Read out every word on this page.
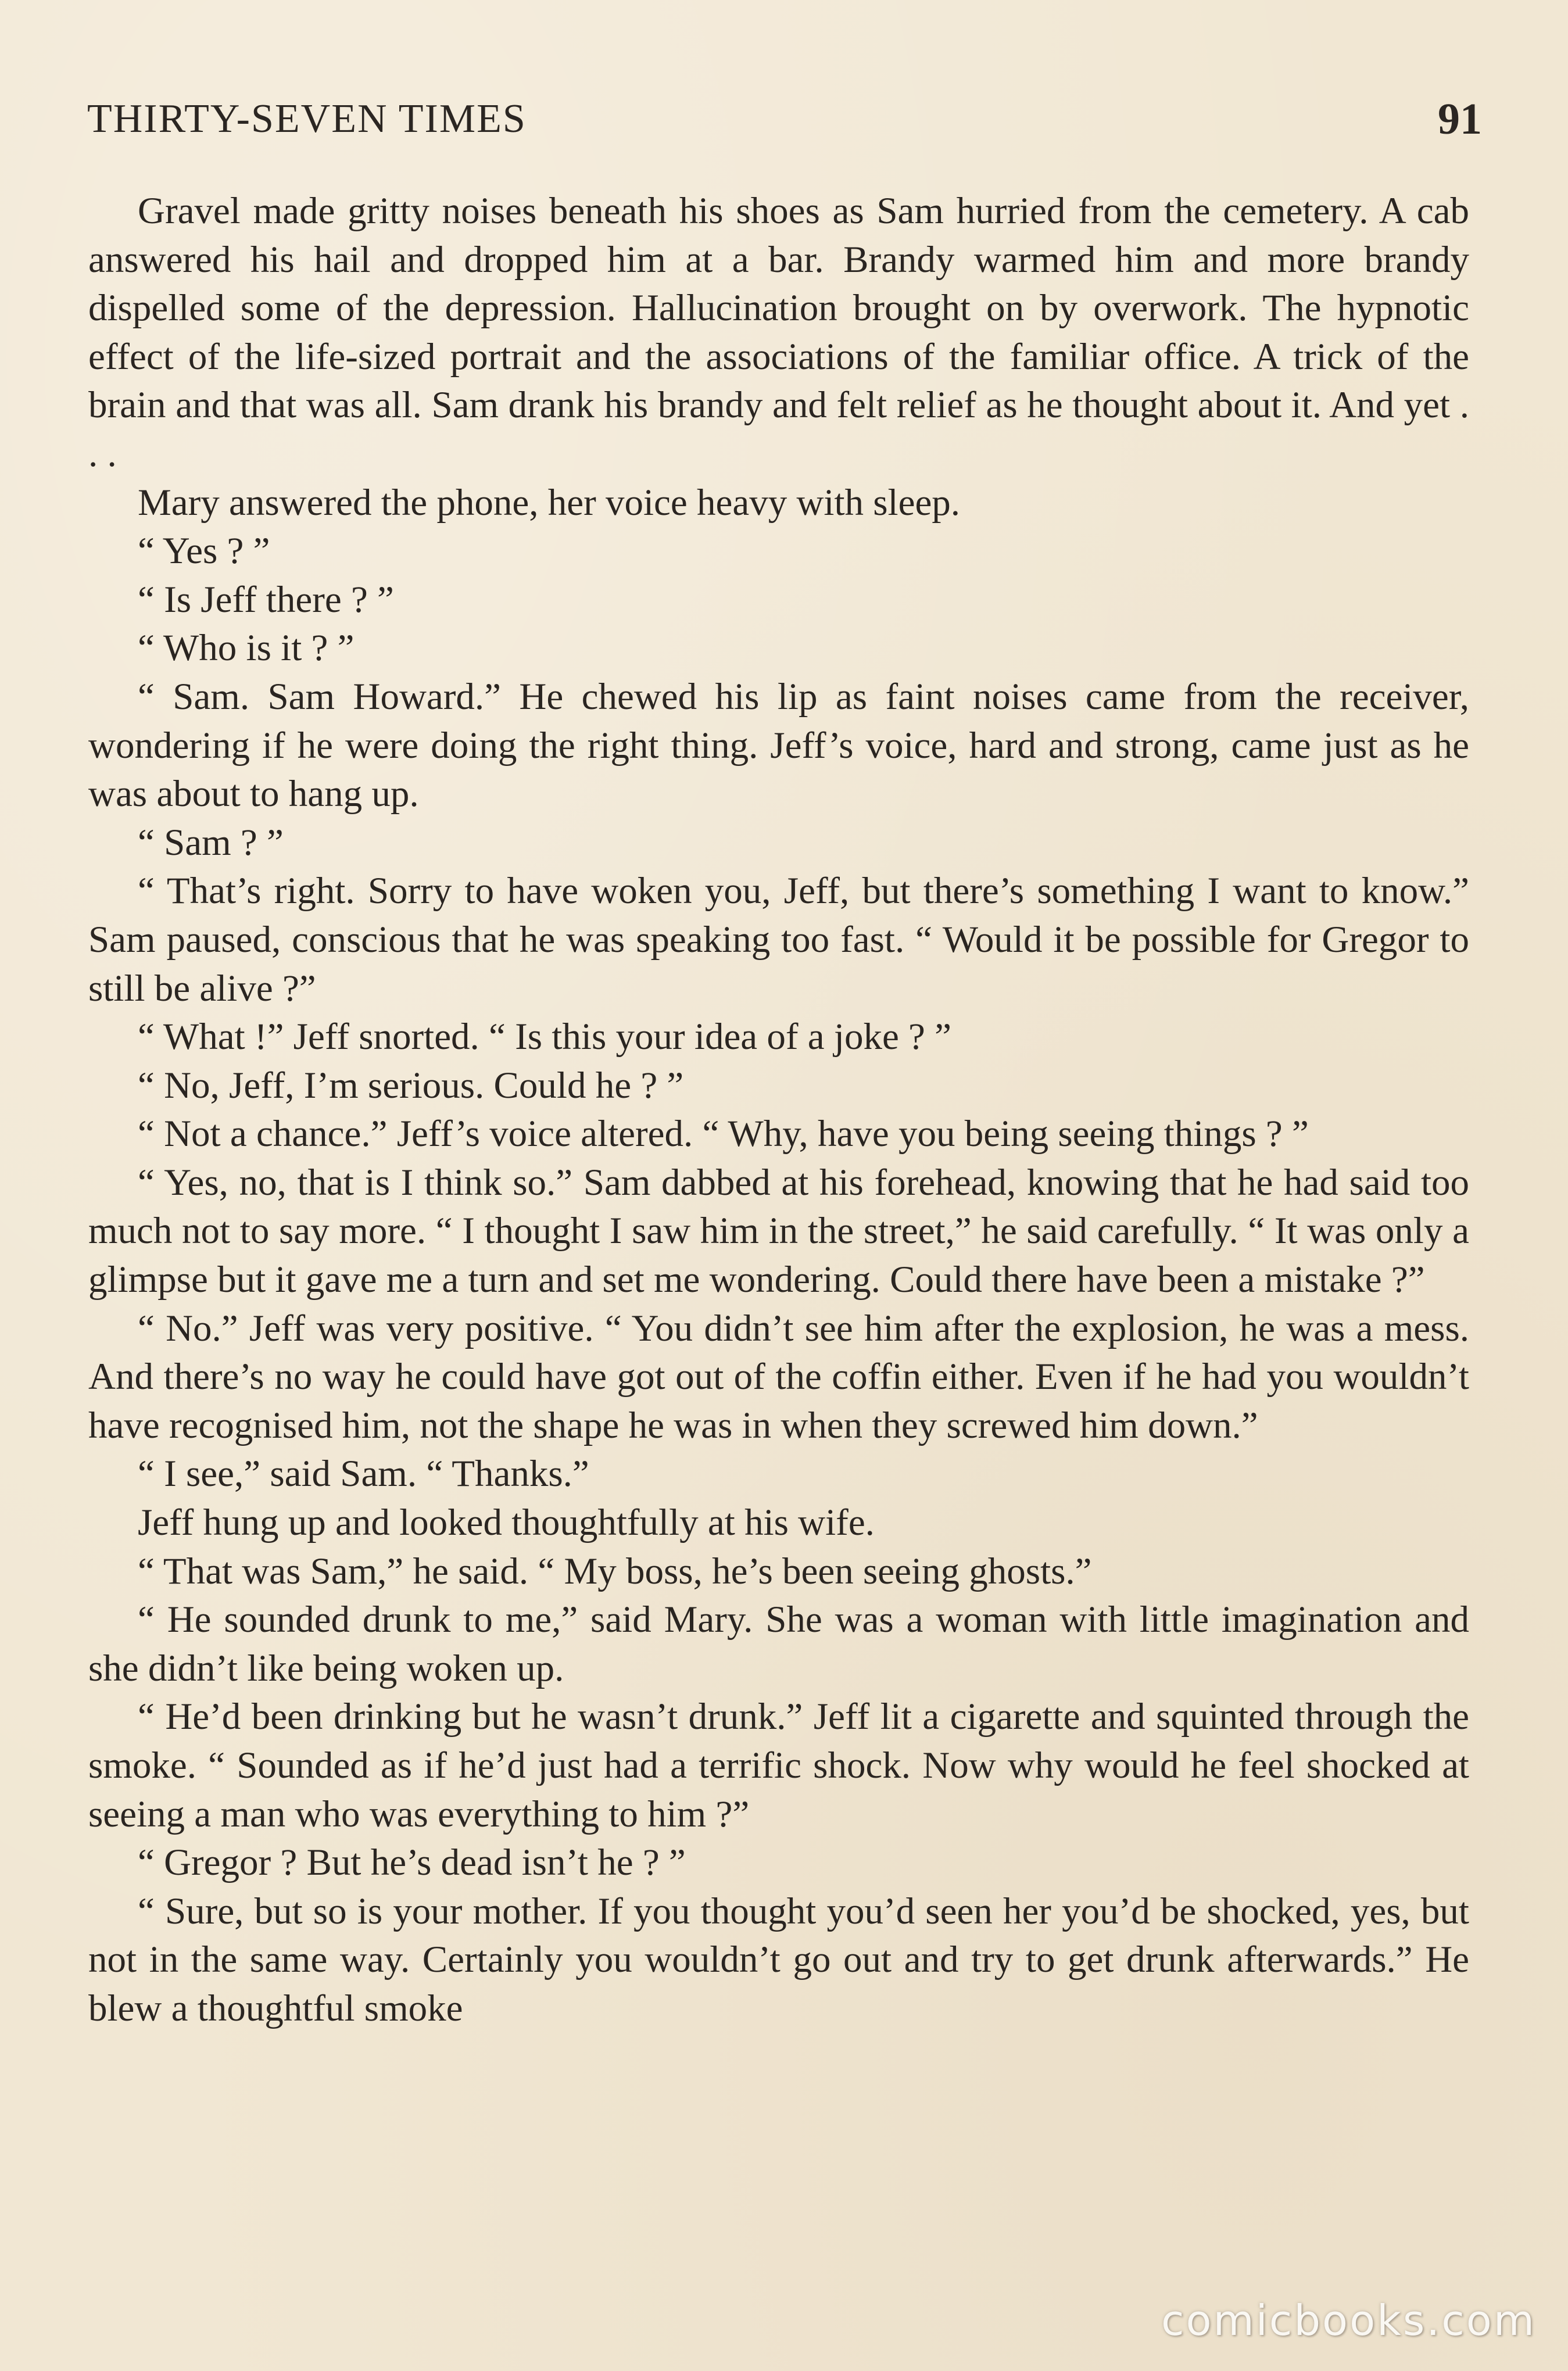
THIRTY-SEVEN TIMES	91

Gravel made gritty noises beneath his shoes as Sam hurried from the cemetery. A cab answered his hail and dropped him at a bar. Brandy warmed him and more brandy dispelled some of the depression. Hallucination brought on by overwork. The hypnotic effect of the life-sized portrait and the associations of the familiar office. A trick of the brain and that was all. Sam drank his brandy and felt relief as he thought about it. And yet . . .

Mary answered the phone, her voice heavy with sleep.

“ Yes ? ”

“ Is Jeff there ? ”

“ Who is it ? ”

“ Sam. Sam Howard.” He chewed his lip as faint noises came from the receiver, wondering if he were doing the right thing. Jeff’s voice, hard and strong, came just as he was about to hang up.

“ Sam ? ”

“ That’s right. Sorry to have woken you, Jeff, but there’s something I want to know.” Sam paused, conscious that he was speaking too fast. “ Would it be possible for Gregor to still be alive ?”

“ What !” Jeff snorted. “ Is this your idea of a joke ? ”

“ No, Jeff, I’m serious. Could he ? ”

“ Not a chance.” Jeff’s voice altered. “ Why, have you being seeing things ? ”

“ Yes, no, that is I think so.” Sam dabbed at his forehead, knowing that he had said too much not to say more. “ I thought I saw him in the street,” he said carefully. “ It was only a glimpse but it gave me a turn and set me wondering. Could there have been a mistake ?”

“ No.” Jeff was very positive. “ You didn’t see him after the explosion, he was a mess. And there’s no way he could have got out of the coffin either. Even if he had you wouldn’t have recognised him, not the shape he was in when they screwed him down.”

“ I see,” said Sam. “ Thanks.”

Jeff hung up and looked thoughtfully at his wife.

“ That was Sam,” he said. “ My boss, he’s been seeing ghosts.”

“ He sounded drunk to me,” said Mary. She was a woman with little imagination and she didn’t like being woken up.

“ He’d been drinking but he wasn’t drunk.” Jeff lit a cigarette and squinted through the smoke. “ Sounded as if he’d just had a terrific shock. Now why would he feel shocked at seeing a man who was everything to him ?”

“ Gregor ? But he’s dead isn’t he ? ”

“ Sure, but so is your mother. If you thought you’d seen her you’d be shocked, yes, but not in the same way. Certainly you wouldn’t go out and try to get drunk afterwards.” He blew a thoughtful smoke

comicbooks.com
